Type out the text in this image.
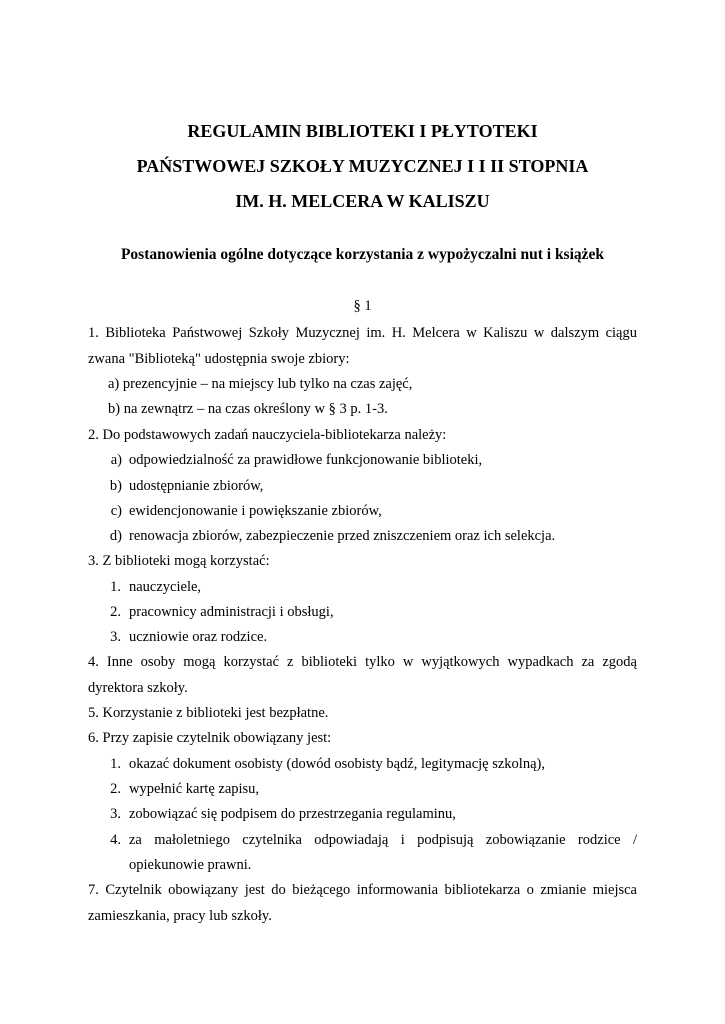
REGULAMIN BIBLIOTEKI I PŁYTOTEKI
PAŃSTWOWEJ SZKOŁY MUZYCZNEJ I I II STOPNIA
IM. H. MELCERA W KALISZU
Postanowienia ogólne dotyczące korzystania z wypożyczalni nut i książek
§ 1
1. Biblioteka Państwowej Szkoły Muzycznej im. H. Melcera w Kaliszu w dalszym ciągu
zwana "Biblioteką" udostępnia swoje zbiory:
a) prezencyjnie – na miejscy lub tylko na czas zajęć,
b) na zewnątrz – na czas określony w § 3 p. 1-3.
2. Do podstawowych zadań nauczyciela-bibliotekarza należy:
a) odpowiedzialność za prawidłowe funkcjonowanie biblioteki,
b) udostępnianie zbiorów,
c) ewidencjonowanie i powiększanie zbiorów,
d) renowacja zbiorów, zabezpieczenie przed zniszczeniem oraz ich selekcja.
3. Z biblioteki mogą korzystać:
1. nauczyciele,
2. pracownicy administracji i obsługi,
3. uczniowie oraz rodzice.
4. Inne osoby mogą korzystać z biblioteki tylko w wyjątkowych wypadkach za zgodą
dyrektora szkoły.
5. Korzystanie z biblioteki jest bezpłatne.
6. Przy zapisie czytelnik obowiązany jest:
1. okazać dokument osobisty (dowód osobisty bądź, legitymację szkolną),
2. wypełnić kartę zapisu,
3. zobowiązać się podpisem do przestrzegania regulaminu,
4. za małoletniego czytelnika odpowiadają i podpisują zobowiązanie rodzice /
opiekunowie prawni.
7. Czytelnik obowiązany jest do bieżącego informowania bibliotekarza o zmianie miejsca
zamieszkania, pracy lub szkoły.
